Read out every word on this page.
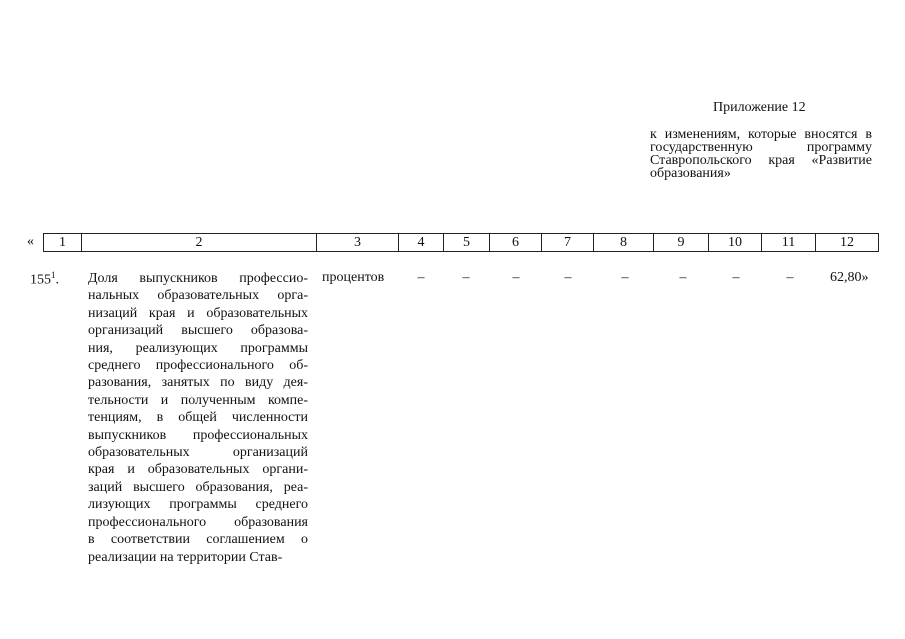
Приложение 12
к изменениям, которые вносятся в государственную программу Ставропольского края «Развитие образования»
« 1	2	3	4	5	6	7	8	9	10	11	12
$155^1$. Доля выпускников профессио-
нальных образовательных орга-
низаций края и образовательных
организаций высшего образова-
ния, реализующих программы
среднего профессионального об-
разования, занятых по виду дея-
тельности и полученным компе-
тенциям, в общей численности
выпускников профессиональных
образовательных организаций
края и образовательных органи-
заций высшего образования, реа-
лизующих программы среднего
профессионального образования
в соответствии соглашением о
реализации на территории Став-
процентов	–	–	–	–	–	–	–	–	62,80»
